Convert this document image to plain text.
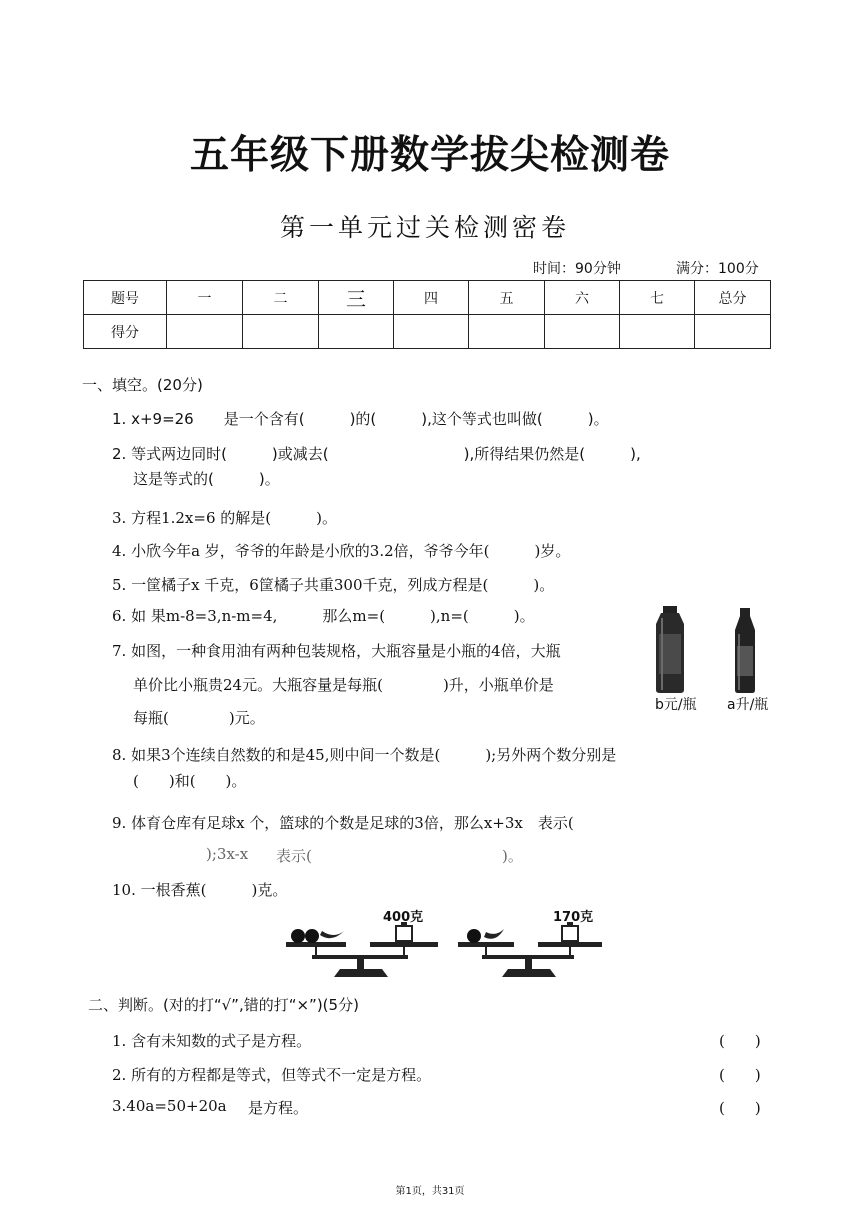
五年级下册数学拔尖检测卷
第一单元过关检测密卷
时间：90分钟	满分：100分
题号	一	二	三	四	五	六	七	总分
得分								
一、填空。(20分)
1. x+9=26　　是一个含有(　　　)的(　　　),这个等式也叫做(　　　)。
2. 等式两边同时(　　　)或减去(　　　　　　　　　),所得结果仍然是(　　　),
这是等式的(　　　)。
3. 方程1.2x=6 的解是(　　　)。
4. 小欣今年a 岁，爷爷的年龄是小欣的3.2倍，爷爷今年(　　　)岁。
5. 一筐橘子x 千克，6筐橘子共重300千克，列成方程是(　　　)。
6. 如 果m-8=3,n-m=4,　　　那么m=(　　　),n=(　　　)。
7. 如图，一种食用油有两种包装规格，大瓶容量是小瓶的4倍，大瓶
单价比小瓶贵24元。大瓶容量是每瓶(　　　　)升，小瓶单价是
每瓶(　　　　)元。
b元/瓶 a升/瓶
8. 如果3个连续自然数的和是45,则中间一个数是(　　　);另外两个数分别是
(　　)和(　　)。
9. 体育仓库有足球x 个，篮球的个数是足球的3倍，那么x+3x　表示(
);3x-x 表示(	)。
10. 一根香蕉(　　　)克。
400克	170克
二、判断。(对的打“√”,错的打“×”)(5分)
1. 含有未知数的式子是方程。	(　　)
2. 所有的方程都是等式，但等式不一定是方程。	(　　)
3.40a=50+20a 是方程。	(　　)
第1页，共31页
